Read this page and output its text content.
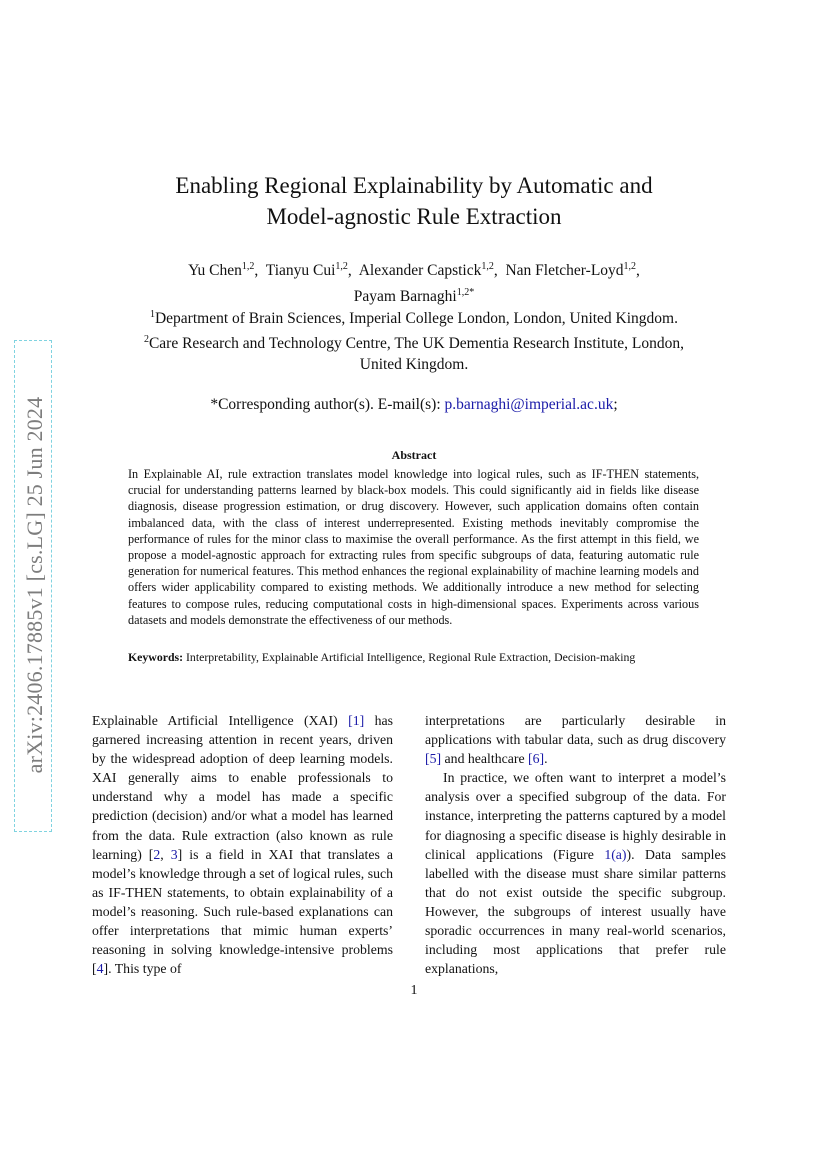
arXiv:2406.17885v1 [cs.LG] 25 Jun 2024
Enabling Regional Explainability by Automatic and
Model-agnostic Rule Extraction
Yu Chen$^{1,2}$,  Tianyu Cui$^{1,2}$,  Alexander Capstick$^{1,2}$,  Nan Fletcher-Loyd$^{1,2}$,
Payam Barnaghi$^{1,2*}$
$^1$Department of Brain Sciences, Imperial College London, London, United Kingdom.
$^2$Care Research and Technology Centre, The UK Dementia Research Institute, London,
United Kingdom.
*Corresponding author(s). E-mail(s): p.barnaghi@imperial.ac.uk;
Abstract
In Explainable AI, rule extraction translates model knowledge into logical rules, such as IF-THEN statements, crucial for understanding patterns learned by black-box models. This could significantly aid in fields like disease diagnosis, disease progression estimation, or drug discovery. However, such application domains often contain imbalanced data, with the class of interest underrepresented. Existing methods inevitably compromise the performance of rules for the minor class to maximise the overall performance. As the first attempt in this field, we propose a model-agnostic approach for extracting rules from specific subgroups of data, featuring automatic rule generation for numerical features. This method enhances the regional explainability of machine learning models and offers wider applicability compared to existing methods. We additionally introduce a new method for selecting features to compose rules, reducing computational costs in high-dimensional spaces. Experiments across various datasets and models demonstrate the effectiveness of our methods.
Keywords: Interpretability, Explainable Artificial Intelligence, Regional Rule Extraction, Decision-making

Explainable Artificial Intelligence (XAI) [1] has garnered increasing attention in recent years, driven by the widespread adoption of deep learning models. XAI generally aims to enable professionals to understand why a model has made a specific prediction (decision) and/or what a model has learned from the data. Rule extraction (also known as rule learning) [2, 3] is a field in XAI that translates a model’s knowledge through a set of logical rules, such as IF-THEN statements, to obtain explainability of a model’s reasoning. Such rule-based explanations can offer interpretations that mimic human experts’ reasoning in solving knowledge-intensive problems [4]. This type of

interpretations are particularly desirable in applications with tabular data, such as drug discovery [5] and healthcare [6].

In practice, we often want to interpret a model’s analysis over a specified subgroup of the data. For instance, interpreting the patterns captured by a model for diagnosing a specific disease is highly desirable in clinical applications (Figure 1(a)). Data samples labelled with the disease must share similar patterns that do not exist outside the specific subgroup. However, the subgroups of interest usually have sporadic occurrences in many real-world scenarios, including most applications that prefer rule explanations,

1
